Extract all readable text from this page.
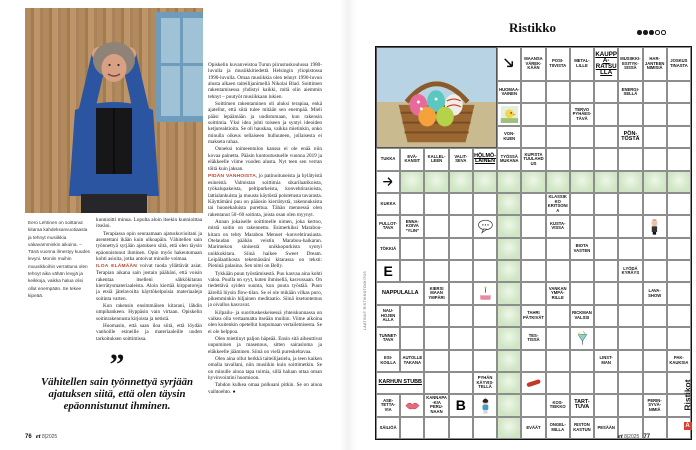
Eero Lehtinen on soittanut kitaraa kahdeksanvuotiaasta ja tehnyt musiikkia vakavamminkin aikoina. – Tänä vuonna ilmestyy kuudes levyni. Moniin muihin muusikkoihin verrattuna olen tehnyt aika vähän levyjä ja keikkoja, vaikka halua olisi ollut enempään. Se tekee kipeää.

kunnioitti minua. Lopulta aloin itsekin kunnioittaa itseäni.

Terapiassa opin seuraamaan ajatuskuvioitani ja asentettani ikään kuin ulkoapäin. Vähitellen sain työnnettyä syrjään ajatuksen siitä, että olen täysin epäonnistunut ihminen. Opin myös hakeutumaan kohti asioita, jotka antoivat minulle voimaa.

ILOA ELÄMÄÄN voivat tuoda yllättävät asiat. Terapian aikana sain jostain päähäni, että voisin rakentaa itselleni sähkökitaran kierrätysmateriaaleista. Aloin kiertää kirpputoreja ja etsiä jätelavoilta käyttökelpoisia materiaaleja soitinta varten.

Kun rakensin ensimmäisen kitarani, lähdin umpihankeen. Hyppäsin vain virtaan. Opiskelin soitinrakennusta kirjoista ja netistä.

Huomasin, että saan iloa siitä, että löydän vanhoille esineille ja materiaaleille uuden tarkoituksen soittimissa.

Opiskelin kuvanveistoa Turun piirustuskoulussa 1980-luvulla ja musiikkitiedettä Helsingin yliopistossa 1990-luvulla. Omaa musiikkia olen tehnyt 1990-luvun alusta alkaen taiteilijanimellä Nikolai Blad. Soittimen rakentamisessa yhdistyi kaikki, mitä olin aiemmin tehnyt – puutyöt musiikkaan lukien.

Soittimen rakentaminen oli aluksi terapiaa, enkä ajatellut, että siitä tulee mitään sen enempää. Mieli pääsi lepäämään ja uudistumaan, kun rakensin soittimia. Yksi idea johti toiseen ja syntyi ideoiden ketjureaktioita. Se oli hauskaa, vaikka mietinkin, onko minulla oikeus sellaiseen hulluuteen, jollaisesta ei makseta rahaa.

Onneksi toimeentulon kanssa ei ole enää niin kovaa painetta. Pääsin kuntoutustuelle vuonna 2019 ja eläkkeelle viime vuoden alusta. Nyt teen sen verran töitä kuin jaksan.

PIDÄN VANHOISTA, jo patinoituneista ja hylätyistä esineistä. Valmistan soittimia sikarilaatikoista, työkalupakeista, peltipurkeista, konvehtirasioista, lattialankuista ja muusta käytöstä poistetusta tavarasta. Käyttämäni puu on pääosin kierrätystä, rakennuksista tai huonekaluista purettua. Tähän mennessä olen rakentanut 50–60 soitinta, joista osan olen myynyt.

Annan jokaiselle soittimelle nimen, joka kertoo, mistä soitin on rakennettu. Esimerkiksi Marabou-kitara on tehty Marabou Menuet -konvehtirasiasta. Otelaudan päähän veistin Marabou-haikaran. Marimekon sinisestä unikkopurkista syntyi unikkokitara. Siinä haikee Sweet Dream. Leipälaatikosta tekemässäni kitarassa on teksti: Pieninä palasina. Sen nimi on Belly.

Tykkään puun työstämisestä. Puu kasvaa aina kohti valoa. Puulla on syyt, kuten ihmisellä, kasvussaan. On tiedettävä syiden suunta, kun puuta työstää. Puun äärellä löysin flow-tilan. Se ei ole mikään vilkas puro, pikemminkin hiljainen meditaatio. Siinä itsetuntemus ja oivallus kasvavat.

Kilpailu- ja suorituskeskeisessä yhteiskunnassa on vaikea olla vertaamatta itseään muihin. Viime aikoina olen kuitenkin opetellut luopumaan vertailemisesta. Se ei ole helppoa.

Olen miettinyt paljon häpeää. Ensin sitä aiheuttivat uupuminen ja masennus, sitten sairasloma ja eläkkeelle jääminen. Siinä on vielä pureskeltavaa.

Olen aina ollut herkkä taiteilijasielu, ja teen kaiken omalla tavallani, niin musiikin kuin soittimetkin. Se on minulle ainoa tapa toimia, sillä haluan ottaa oman hyvinvointini huomioon.

Tahdon kulkea omaa polkuani pitkin. Se on ainoa vaihtoehto. ●

”
Vähitellen sain työnnettyä syrjään ajatuksen siitä, että olen täysin epäonnistunut ihminen.
76 et 8|2025
Ristikko
MAANSA VÄREK-KÄÄN
POSI-TIIVISTA
METAL-LILLE
KAUPPA-RATSULLA
MUSIIKKI-ESITYK-SISSÄ
HAR-JANTEEN NIMISIÄ
JOSKUS TINASTA
HUOMAA-VAINEN
ENERGI-SELLÄ
TERVO PYHÄES-TÄVÄ
VON-KUEN
PÖN-TÖSTÄ
TUKKA	EVÄ-KANSIT
KALLEL-LEEN
VALIT-SEVA
HÖLMÖ-LÄINEN
TYÖSSÄ MUKANA
KUPISTA TUULAHDUS
KUKKA
KLASSIKKO KRITSONIA
PULLOT-TAVA
ENNA-KOIVA ”YLIN”
KUSTA-VISSA
TÖKKIÄ	BIOTA VASTEN
E	LYÖDÄ KYRÄYS
NAPPULALLA
KIERSI MAAN YMPÄRI
VANKAN YMPÄ-RILLE
LAVA-SHOW
NAU-HOJEN ALLA
TAHRI PÄTKIVÄT
RICKMAN VALSSI
TUNNET-TAVA
TES-TISSÄ
ESI-KOILLA
AUTOLLE TAKANA
LINST-MAN
PAK-KAUKSIA
KARHUN STUBB
PYHÄN KÄYVIS-TELLÄ
ASE-TETTA-VIA
KANNAPA-KIA PERU-NAAN B	KOS-TEIKKO
TART-TUVA
PERIN-SYVÄ-NIMIÄ
SÄILIÖÄ	EVÄÄT	ONGEL-MILLA
RISTON KASTUN	PESÄÄN
LAATINUT RISTIKKOTOIMITUS
Ristikot
A
et 8|2025 77
